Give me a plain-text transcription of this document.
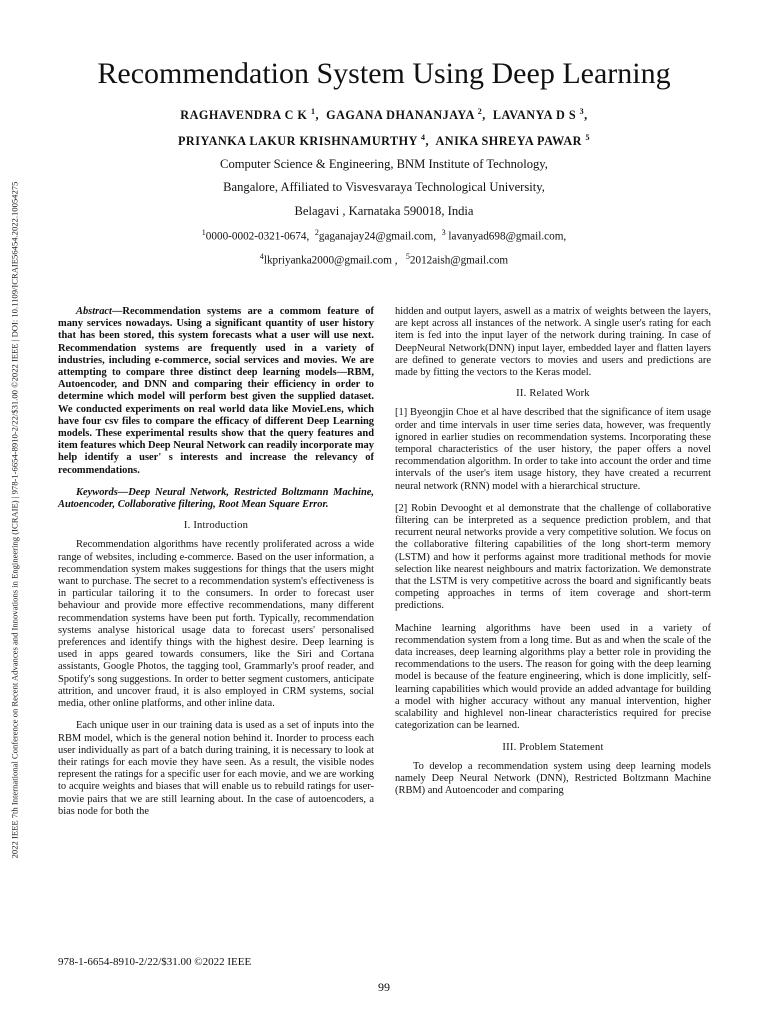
2022 IEEE 7th International Conference on Recent Advances and Innovations in Engineering (ICRAIE) | 978-1-6654-8910-2/22/$31.00 ©2022 IEEE | DOI: 10.1109/ICRAIE56454.2022.10054275
Recommendation System Using Deep Learning
RAGHAVENDRA C K $^1$,  GAGANA DHANANJAYA $^2$,  LAVANYA D S $^3$,
PRIYANKA LAKUR KRISHNAMURTHY $^4$,  ANIKA SHREYA PAWAR $^5$
Computer Science & Engineering, BNM Institute of Technology,
Bangalore, Affiliated to Visvesvaraya Technological University,
Belagavi , Karnataka 590018, India
$^1$0000-0002-0321-0674, $^2$gaganajay24@gmail.com, $^3$ lavanyad698@gmail.com,
$^4$lkpriyanka2000@gmail.com , $^5$2012aish@gmail.com

Abstract—Recommendation systems are a commom feature of many services nowadays. Using a significant quantity of user history that has been stored, this system forecasts what a user will use next. Recommendation systems are frequently used in a variety of industries, including e-commerce, social services and movies. We are attempting to compare three distinct deep learning models—RBM, Autoencoder, and DNN and comparing their efficiency in order to determine which model will perform best given the supplied dataset. We conducted experiments on real world data like MovieLens, which have four csv files to compare the efficacy of different Deep Learning models. These experimental results show that the query features and item features which Deep Neural Network can readily incorporate may help identify a user' s interests and increase the relevancy of recommendations.

Keywords—Deep Neural Network, Restricted Boltzmann Machine, Autoencoder, Collaborative filtering, Root Mean Square Error.

I. Introduction

Recommendation algorithms have recently proliferated across a wide range of websites, including e-commerce. Based on the user information, a recommendation system makes suggestions for things that the users might want to purchase. The secret to a recommendation system's effectiveness is in particular tailoring it to the consumers. In order to forecast user behaviour and provide more effective recommendations, many different recommendation systems have been put forth. Typically, recommendation systems analyse historical usage data to forecast users' personalised preferences and identify things with the highest desire. Deep learning is used in apps geared towards consumers, like the Siri and Cortana assistants, Google Photos, the tagging tool, Grammarly's proof reader, and Spotify's song suggestions. In order to better segment customers, anticipate attrition, and uncover fraud, it is also employed in CRM systems, social media, other online platforms, and other inline data.

Each unique user in our training data is used as a set of inputs into the RBM model, which is the general notion behind it. Inorder to process each user individually as part of a batch during training, it is necessary to look at their ratings for each movie they have seen. As a result, the visible nodes represent the ratings for a specific user for each movie, and we are working to acquire weights and biases that will enable us to rebuild ratings for user-movie pairs that we are still learning about. In the case of autoencoders, a bias node for both the

hidden and output layers, aswell as a matrix of weights between the layers, are kept across all instances of the network. A single user's rating for each item is fed into the input layer of the network during training. In case of DeepNeural Network(DNN) input layer, embedded layer and flatten layers are defined to generate vectors to movies and users and predictions are made by fitting the vectors to the Keras model.

II. Related Work

[1] Byeongjin Choe et al have described that the significance of item usage order and time intervals in user time series data, however, was frequently ignored in earlier studies on recommendation systems. Incorporating these temporal characteristics of the user history, the paper offers a novel recommendation algorithm. In order to take into account the order and time intervals of the user's item usage history, they have created a recurrent neural network (RNN) model with a hierarchical structure.

[2] Robin Devooght et al demonstrate that the challenge of collaborative filtering can be interpreted as a sequence prediction problem, and that recurrent neural networks provide a very competitive solution. We focus on the collaborative filtering capabilities of the long short-term memory (LSTM) and how it performs against more traditional methods for movie selection like nearest neighbours and matrix factorization. We demonstrate that the LSTM is very competitive across the board and significantly beats competing approaches in terms of item coverage and short-term predictions.

Machine learning algorithms have been used in a variety of recommendation system from a long time. But as and when the scale of the data increases, deep learning algorithms play a better role in providing the recommendations to the users. The reason for going with the deep learning model is because of the feature engineering, which is done implicitly, self-learning capabilities which would provide an added advantage for building a model with higher accuracy without any manual intervention, higher scalability and highlevel non-linear characteristics required for precise categorization can be learned.

III. Problem Statement

To develop a recommendation system using deep learning models namely Deep Neural Network (DNN), Restricted Boltzmann Machine (RBM) and Autoencoder and comparing

978-1-6654-8910-2/22/$31.00 ©2022 IEEE
99
